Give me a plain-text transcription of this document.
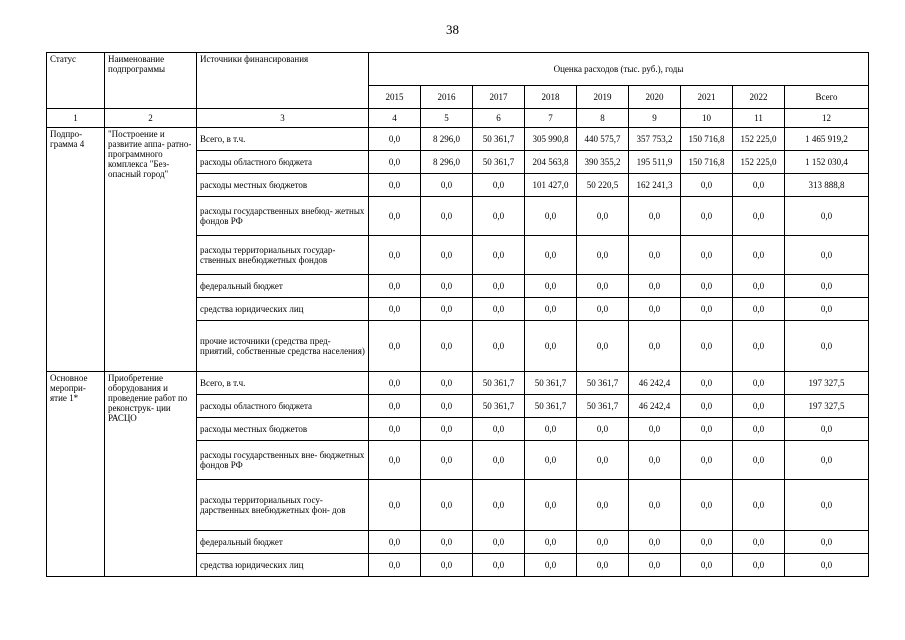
38
Статус	Наименование подпрограммы	Источники финансирования	Оценка расходов (тыс. руб.), годы								
			2015	2016	2017	2018	2019	2020	2021	2022	Всего
1	2	3	4	5	6	7	8	9	10	11	12
Подпро- грамма 4	"Построение и развитие аппа- ратно- программного комплекса "Без- опасный город"	Всего, в т.ч.	0,0	8 296,0	50 361,7	305 990,8	440 575,7	357 753,2	150 716,8	152 225,0	1 465 919,2
		расходы областного бюджета	0,0	8 296,0	50 361,7	204 563,8	390 355,2	195 511,9	150 716,8	152 225,0	1 152 030,4
		расходы местных бюджетов	0,0	0,0	0,0	101 427,0	50 220,5	162 241,3	0,0	0,0	313 888,8
		расходы государственных внебюд- жетных фондов РФ	0,0	0,0	0,0	0,0	0,0	0,0	0,0	0,0	0,0
		расходы территориальных государ- ственных внебюджетных фондов	0,0	0,0	0,0	0,0	0,0	0,0	0,0	0,0	0,0
		федеральный бюджет	0,0	0,0	0,0	0,0	0,0	0,0	0,0	0,0	0,0
		средства юридических лиц	0,0	0,0	0,0	0,0	0,0	0,0	0,0	0,0	0,0
		прочие источники (средства пред- приятий, собственные средства населения)	0,0	0,0	0,0	0,0	0,0	0,0	0,0	0,0	0,0
Основное меропри- ятие 1*	Приобретение оборудования и проведение работ по реконструк- ции РАСЦО	Всего, в т.ч.	0,0	0,0	50 361,7	50 361,7	50 361,7	46 242,4	0,0	0,0	197 327,5
		расходы областного бюджета	0,0	0,0	50 361,7	50 361,7	50 361,7	46 242,4	0,0	0,0	197 327,5
		расходы местных бюджетов	0,0	0,0	0,0	0,0	0,0	0,0	0,0	0,0	0,0
		расходы государственных вне- бюджетных фондов РФ	0,0	0,0	0,0	0,0	0,0	0,0	0,0	0,0	0,0
		расходы территориальных госу- дарственных внебюджетных фон- дов	0,0	0,0	0,0	0,0	0,0	0,0	0,0	0,0	0,0
		федеральный бюджет	0,0	0,0	0,0	0,0	0,0	0,0	0,0	0,0	0,0
		средства юридических лиц	0,0	0,0	0,0	0,0	0,0	0,0	0,0	0,0	0,0
